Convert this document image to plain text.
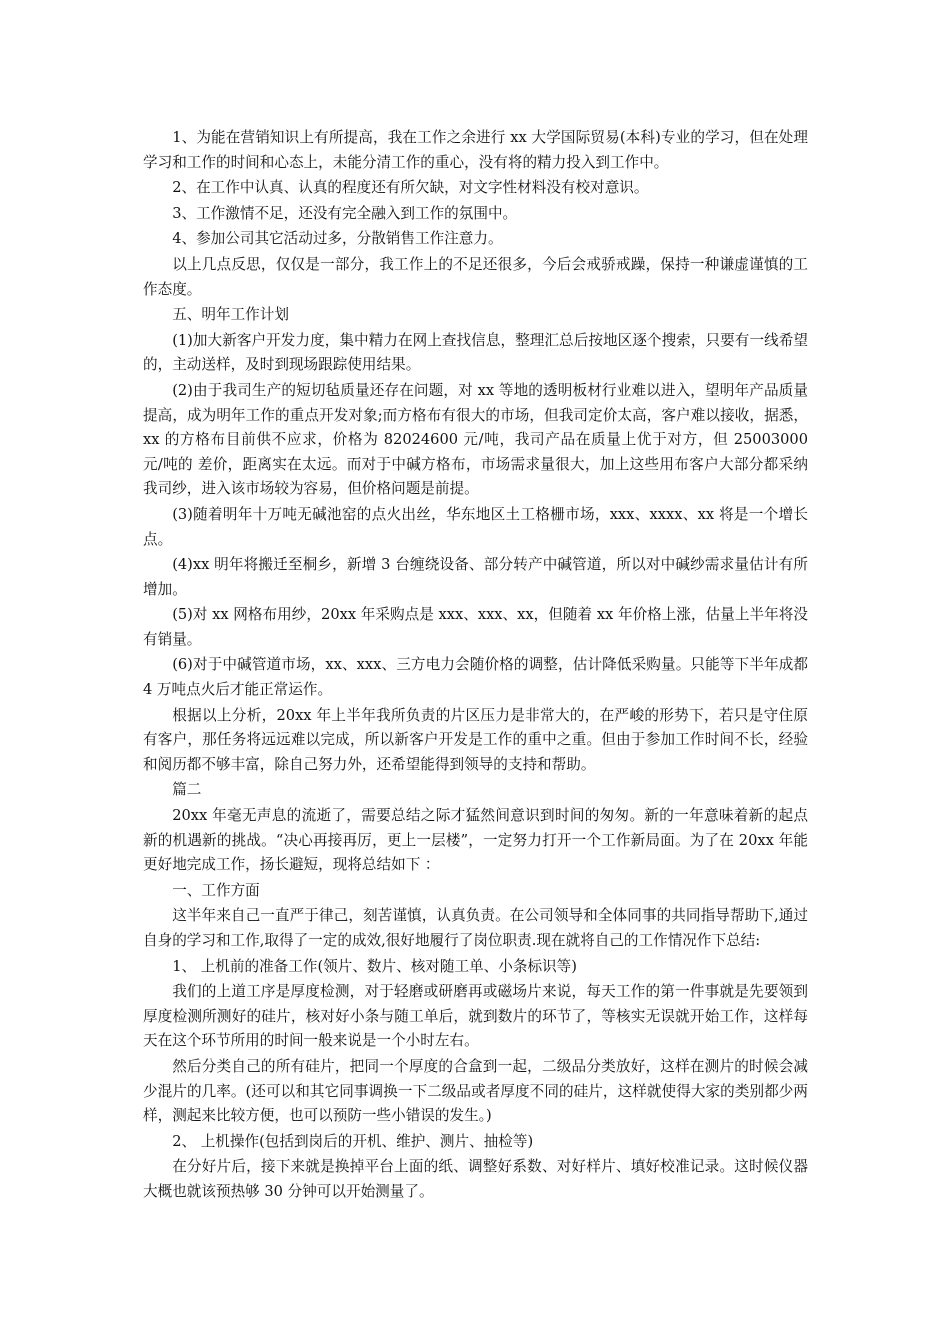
1、为能在营销知识上有所提高，我在工作之余进行 xx 大学国际贸易(本科)专业的学习，但在处理学习和工作的时间和心态上，未能分清工作的重心，没有将的精力投入到工作中。

2、在工作中认真、认真的程度还有所欠缺，对文字性材料没有校对意识。

3、工作激情不足，还没有完全融入到工作的氛围中。

4、参加公司其它活动过多，分散销售工作注意力。

以上几点反思，仅仅是一部分，我工作上的不足还很多，今后会戒骄戒躁，保持一种谦虚谨慎的工作态度。

五、明年工作计划

(1)加大新客户开发力度，集中精力在网上查找信息，整理汇总后按地区逐个搜索，只要有一线希望的，主动送样，及时到现场跟踪使用结果。

(2)由于我司生产的短切毡质量还存在问题，对 xx 等地的透明板材行业难以进入，望明年产品质量提高，成为明年工作的重点开发对象;而方格布有很大的市场，但我司定价太高，客户难以接收，据悉，xx 的方格布目前供不应求，价格为 82024600 元/吨，我司产品在质量上优于对方，但 25003000 元/吨的 差价，距离实在太远。而对于中碱方格布，市场需求量很大，加上这些用布客户大部分都采纳我司纱，进入该市场较为容易，但价格问题是前提。

(3)随着明年十万吨无碱池窑的点火出丝，华东地区土工格栅市场，xxx、xxxx、xx 将是一个增长点。

(4)xx 明年将搬迁至桐乡，新增 3 台缠绕设备、部分转产中碱管道，所以对中碱纱需求量估计有所增加。

(5)对 xx 网格布用纱，20xx 年采购点是 xxx、xxx、xx，但随着 xx 年价格上涨，估量上半年将没有销量。

(6)对于中碱管道市场，xx、xxx、三方电力会随价格的调整，估计降低采购量。只能等下半年成都 4 万吨点火后才能正常运作。

根据以上分析，20xx 年上半年我所负责的片区压力是非常大的，在严峻的形势下，若只是守住原有客户，那任务将远远难以完成，所以新客户开发是工作的重中之重。但由于参加工作时间不长，经验和阅历都不够丰富，除自己努力外，还希望能得到领导的支持和帮助。

篇二

20xx 年毫无声息的流逝了，需要总结之际才猛然间意识到时间的匆匆。新的一年意味着新的起点新的机遇新的挑战。“决心再接再厉，更上一层楼”，一定努力打开一个工作新局面。为了在 20xx 年能更好地完成工作，扬长避短，现将总结如下 ：

一、工作方面

这半年来自己一直严于律己，刻苦谨慎，认真负责。在公司领导和全体同事的共同指导帮助下,通过自身的学习和工作,取得了一定的成效,很好地履行了岗位职责.现在就将自己的工作情况作下总结:

1、 上机前的准备工作(领片、数片、核对随工单、小条标识等)

我们的上道工序是厚度检测，对于轻磨或研磨再或磁场片来说，每天工作的第一件事就是先要领到厚度检测所测好的硅片，核对好小条与随工单后，就到数片的环节了，等核实无误就开始工作，这样每天在这个环节所用的时间一般来说是一个小时左右。

然后分类自己的所有硅片，把同一个厚度的合盒到一起，二级品分类放好，这样在测片的时候会减少混片的几率。(还可以和其它同事调换一下二级品或者厚度不同的硅片，这样就使得大家的类别都少两样，测起来比较方便，也可以预防一些小错误的发生。)

2、 上机操作(包括到岗后的开机、维护、测片、抽检等)

在分好片后，接下来就是换掉平台上面的纸、调整好系数、对好样片、填好校准记录。这时候仪器大概也就该预热够 30 分钟可以开始测量了。
